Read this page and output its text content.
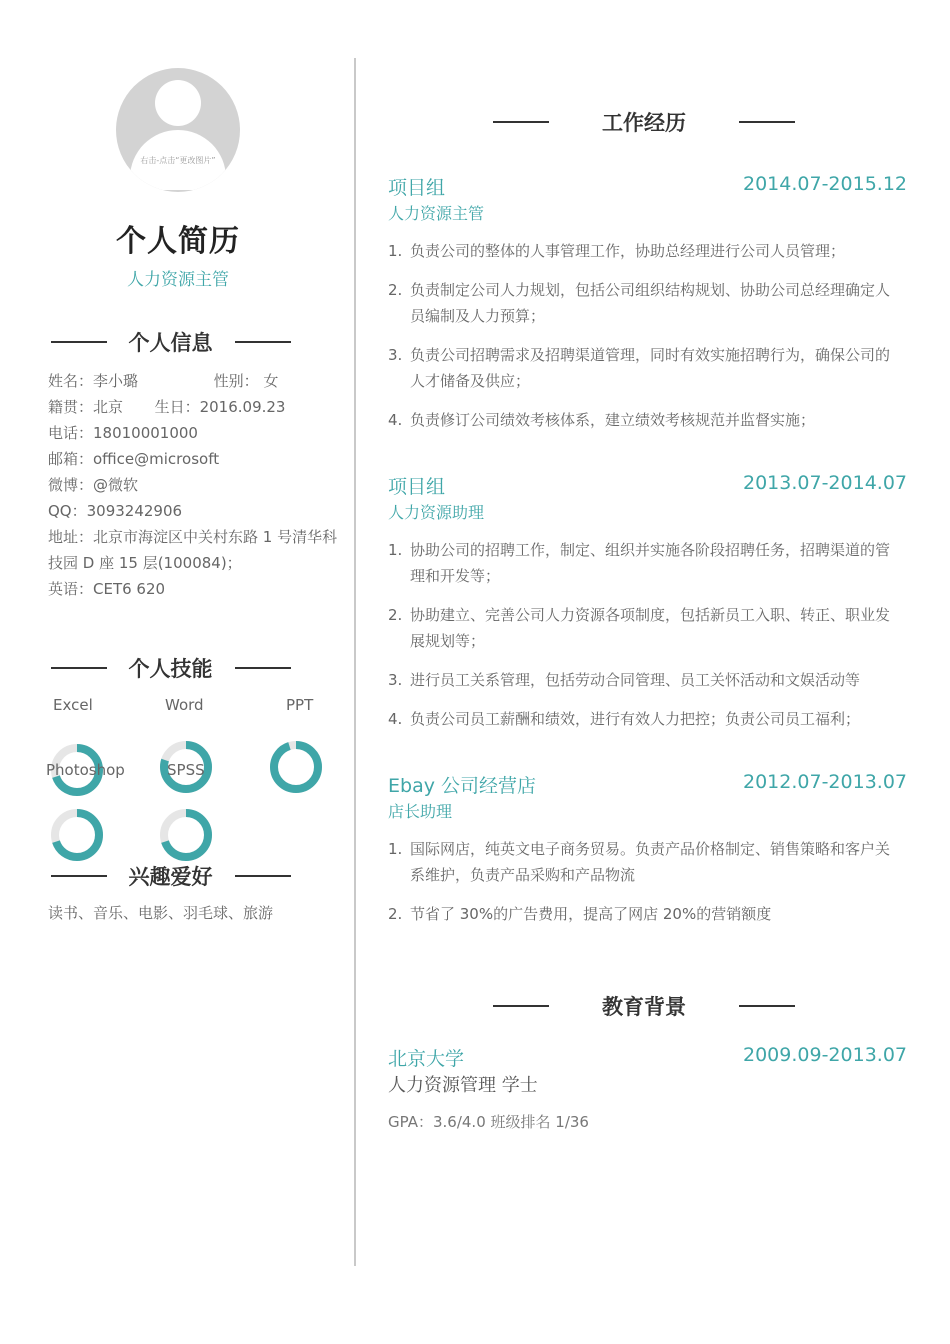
右击-点击“更改图片”
个人简历
人力资源主管
个人信息
姓名：李小璐	性别： 女
籍贯：北京 生日：2016.09.23
电话：18010001000
邮箱：office@microsoft
微博：@微软
QQ：3093242906
地址：北京市海淀区中关村东路 1 号清华科技园 D 座 15 层(100084)；
英语：CET6 620
个人技能
Excel	Word	PPT
Photoshop	SPSS
兴趣爱好
读书、音乐、电影、羽毛球、旅游
工作经历
项目组	2014.07-2015.12
人力资源主管
1. 负责公司的整体的人事管理工作，协助总经理进行公司人员管理；
2. 负责制定公司人力规划，包括公司组织结构规划、协助公司总经理确定人员编制及人力预算；
3. 负责公司招聘需求及招聘渠道管理，同时有效实施招聘行为，确保公司的人才储备及供应；
4. 负责修订公司绩效考核体系，建立绩效考核规范并监督实施；
项目组	2013.07-2014.07
人力资源助理
1. 协助公司的招聘工作，制定、组织并实施各阶段招聘任务，招聘渠道的管理和开发等；
2. 协助建立、完善公司人力资源各项制度，包括新员工入职、转正、职业发展规划等；
3. 进行员工关系管理，包括劳动合同管理、员工关怀活动和文娱活动等
4. 负责公司员工薪酬和绩效，进行有效人力把控；负责公司员工福利；
Ebay 公司经营店	2012.07-2013.07
店长助理
1. 国际网店，纯英文电子商务贸易。负责产品价格制定、销售策略和客户关系维护，负责产品采购和产品物流
2. 节省了 30%的广告费用，提高了网店 20%的营销额度
教育背景
北京大学	2009.09-2013.07
人力资源管理 学士
GPA：3.6/4.0 班级排名 1/36
